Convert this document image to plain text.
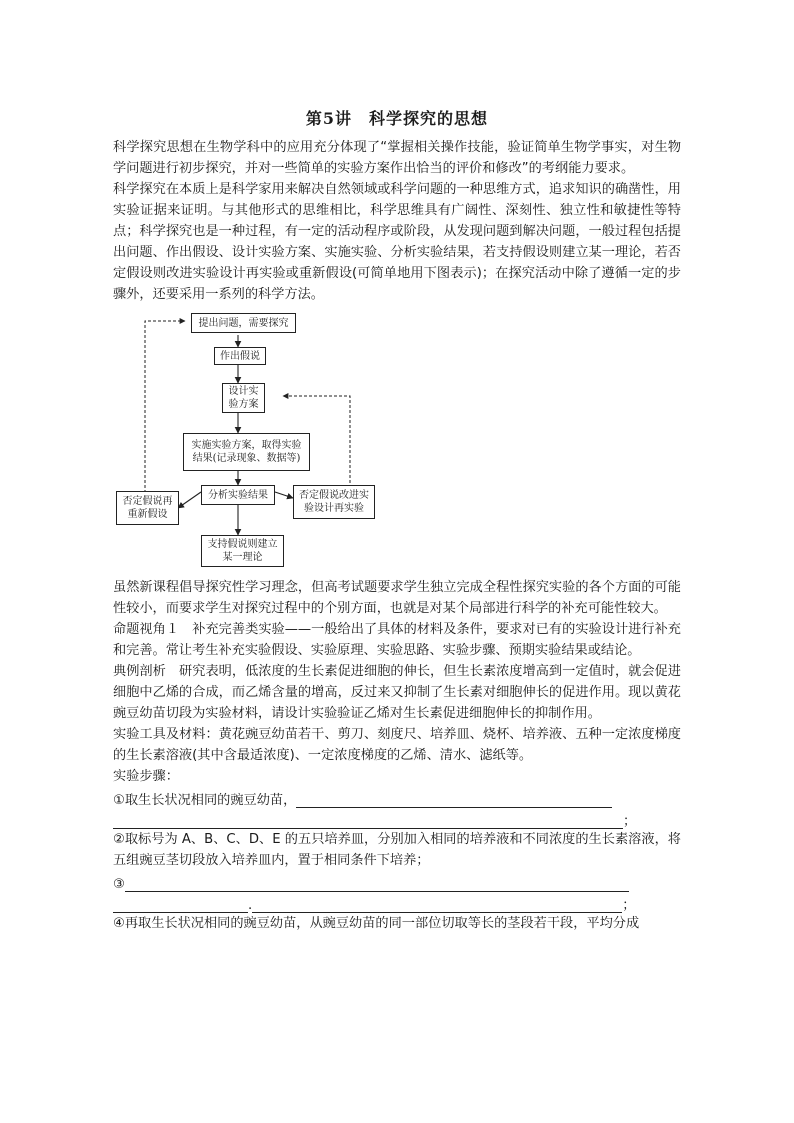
第5讲　科学探究的思想

科学探究思想在生物学科中的应用充分体现了“掌握相关操作技能，验证简单生物学事实，对生物学问题进行初步探究，并对一些简单的实验方案作出恰当的评价和修改”的考纲能力要求。

科学探究在本质上是科学家用来解决自然领域或科学问题的一种思维方式，追求知识的确凿性，用实验证据来证明。与其他形式的思维相比，科学思维具有广阔性、深刻性、独立性和敏捷性等特点；科学探究也是一种过程，有一定的活动程序或阶段，从发现问题到解决问题，一般过程包括提出问题、作出假设、设计实验方案、实施实验、分析实验结果，若支持假设则建立某一理论，若否定假设则改进实验设计再实验或重新假设(可简单地用下图表示)；在探究活动中除了遵循一定的步骤外，还要采用一系列的科学方法。

提出问题，需要探究
作出假说
设计实验方案
实施实验方案，取得实验结果(记录现象、数据等)
分析实验结果
否定假说再重新假设
否定假说改进实验设计再实验
支持假说则建立某一理论

虽然新课程倡导探究性学习理念，但高考试题要求学生独立完成全程性探究实验的各个方面的可能性较小，而要求学生对探究过程中的个别方面，也就是对某个局部进行科学的补充可能性较大。

命题视角１　补充完善类实验——一般给出了具体的材料及条件，要求对已有的实验设计进行补充和完善。常让考生补充实验假设、实验原理、实验思路、实验步骤、预期实验结果或结论。

典例剖析　研究表明，低浓度的生长素促进细胞的伸长，但生长素浓度增高到一定值时，就会促进细胞中乙烯的合成，而乙烯含量的增高，反过来又抑制了生长素对细胞伸长的促进作用。现以黄花豌豆幼苗切段为实验材料，请设计实验验证乙烯对生长素促进细胞伸长的抑制作用。

实验工具及材料：黄花豌豆幼苗若干、剪刀、刻度尺、培养皿、烧杯、培养液、五种一定浓度梯度的生长素溶液(其中含最适浓度)、一定浓度梯度的乙烯、清水、滤纸等。

实验步骤：

①取生长状况相同的豌豆幼苗，
；

②取标号为 A、B、C、D、E 的五只培养皿，分别加入相同的培养液和不同浓度的生长素溶液，将五组豌豆茎切段放入培养皿内，置于相同条件下培养；

③
.	；

④再取生长状况相同的豌豆幼苗，从豌豆幼苗的同一部位切取等长的茎段若干段，平均分成
